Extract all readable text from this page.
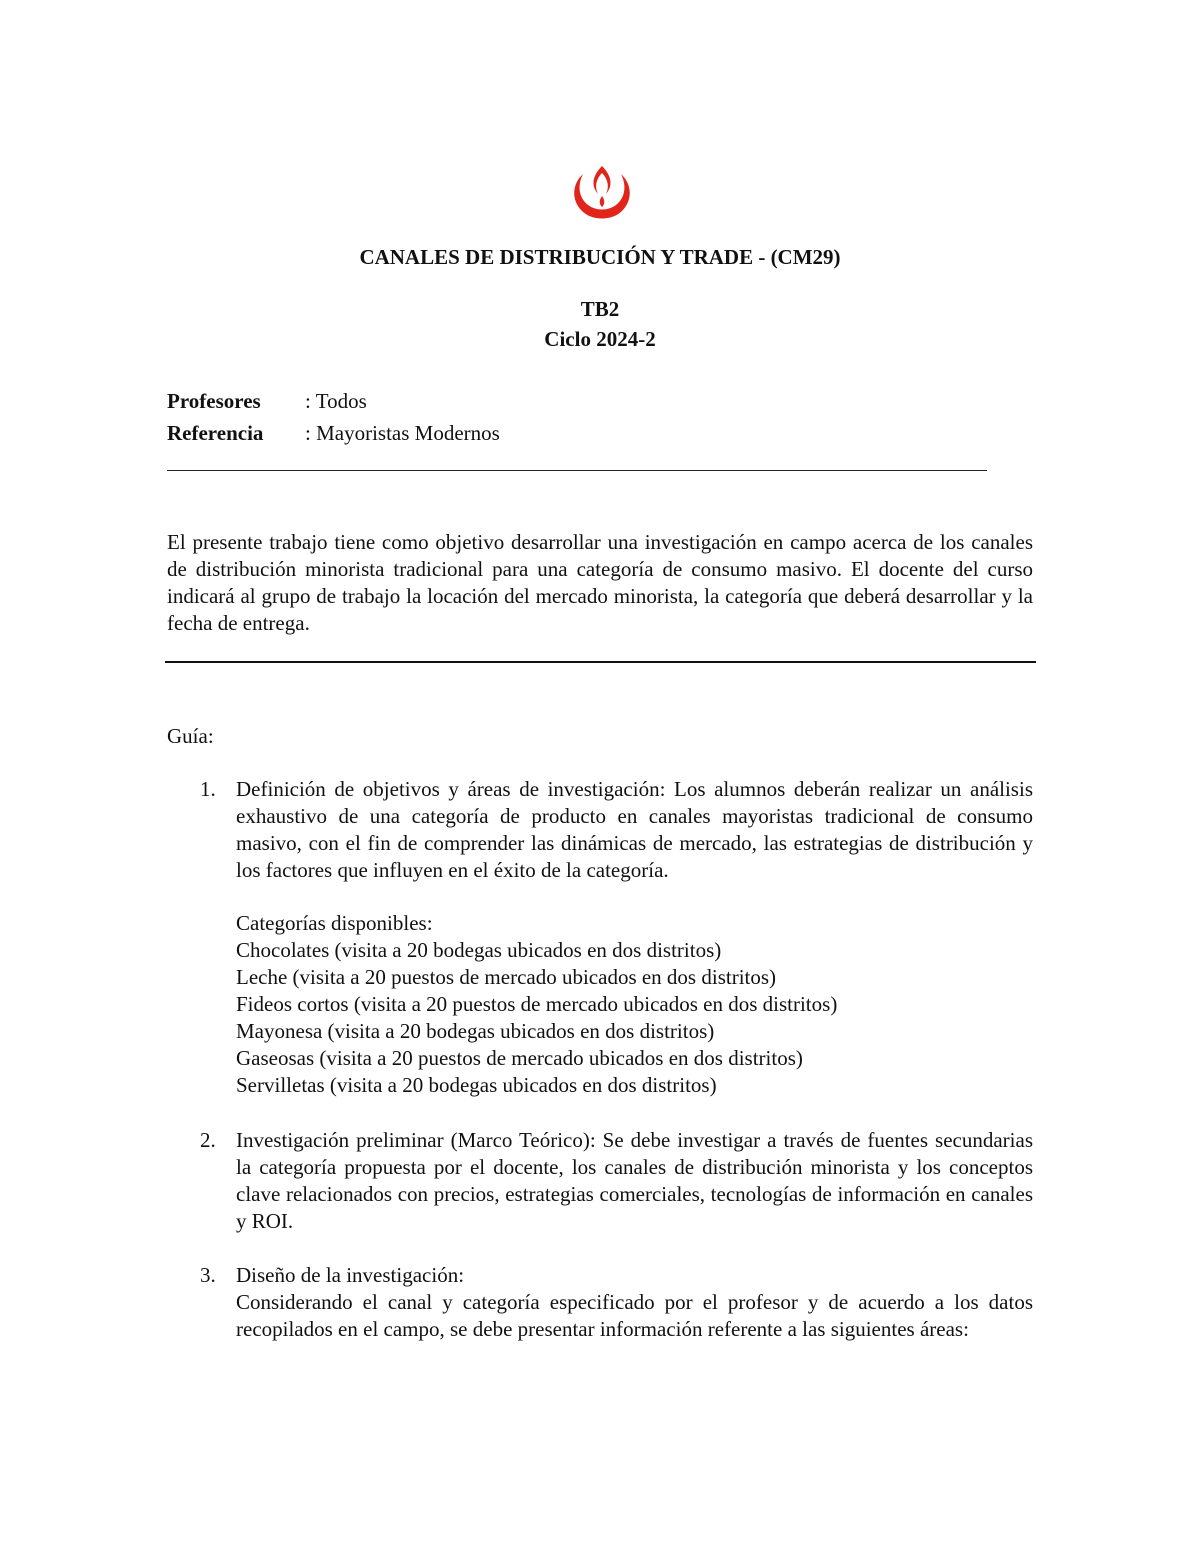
CANALES DE DISTRIBUCIÓN Y TRADE - (CM29)
TB2
Ciclo 2024-2
Profesores : Todos
Referencia : Mayoristas Modernos

El presente trabajo tiene como objetivo desarrollar una investigación en campo acerca de los canales de distribución minorista tradicional para una categoría de consumo masivo. El docente del curso indicará al grupo de trabajo la locación del mercado minorista, la categoría que deberá desarrollar y la fecha de entrega.

Guía:
1. Definición de objetivos y áreas de investigación: Los alumnos deberán realizar un análisis exhaustivo de una categoría de producto en canales mayoristas tradicional de consumo masivo, con el fin de comprender las dinámicas de mercado, las estrategias de distribución y los factores que influyen en el éxito de la categoría.

Categorías disponibles:
Chocolates (visita a 20 bodegas ubicados en dos distritos)
Leche (visita a 20 puestos de mercado ubicados en dos distritos)
Fideos cortos (visita a 20 puestos de mercado ubicados en dos distritos)
Mayonesa (visita a 20 bodegas ubicados en dos distritos)
Gaseosas (visita a 20 puestos de mercado ubicados en dos distritos)
Servilletas (visita a 20 bodegas ubicados en dos distritos)
2. Investigación preliminar (Marco Teórico): Se debe investigar a través de fuentes secundarias la categoría propuesta por el docente, los canales de distribución minorista y los conceptos clave relacionados con precios, estrategias comerciales, tecnologías de información en canales y ROI.

3. Diseño de la investigación:

Considerando el canal y categoría especificado por el profesor y de acuerdo a los datos recopilados en el campo, se debe presentar información referente a las siguientes áreas:
